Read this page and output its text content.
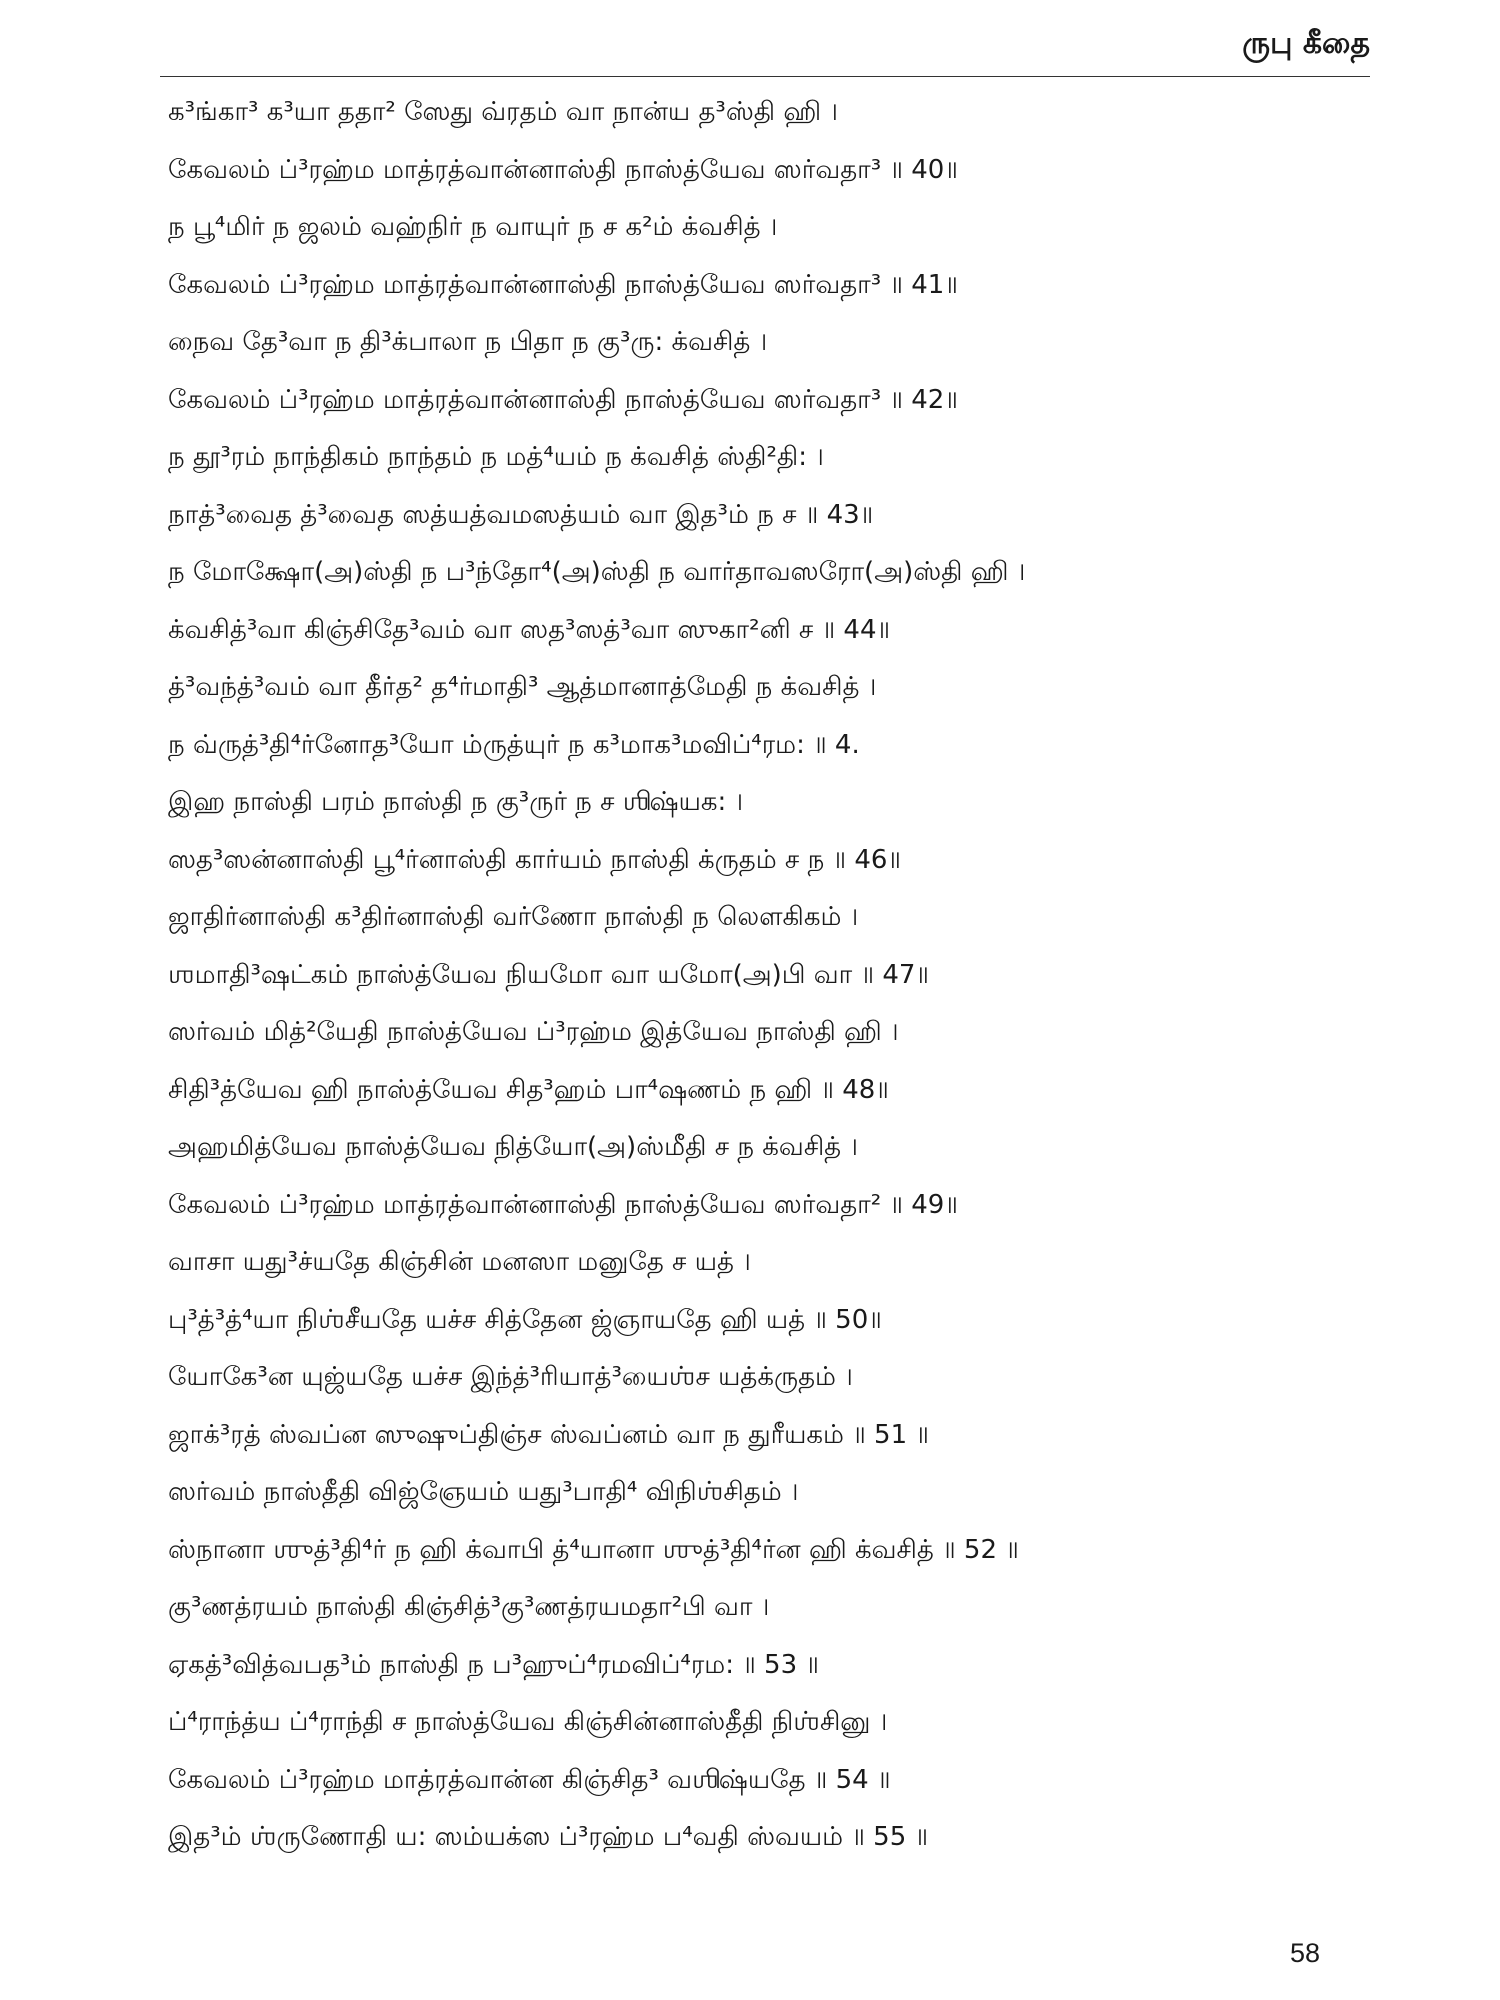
ருபு கீதை
க³ங்கா³ க³யா ததா² ஸேது வ்ரதம் வா நான்ய த³ஸ்தி ஹி ।
கேவலம் ப்³ரஹ்ம மாத்ரத்வான்னாஸ்தி நாஸ்த்யேவ ஸர்வதா³ ॥ 40॥
ந பூ⁴மிர் ந ஜலம் வஹ்நிர் ந வாயுர் ந ச க²ம் க்வசித் ।
கேவலம் ப்³ரஹ்ம மாத்ரத்வான்னாஸ்தி நாஸ்த்யேவ ஸர்வதா³ ॥ 41॥
நைவ தே³வா ந தி³க்பாலா ந பிதா ந கு³ரு: க்வசித் ।
கேவலம் ப்³ரஹ்ம மாத்ரத்வான்னாஸ்தி நாஸ்த்யேவ ஸர்வதா³ ॥ 42॥
ந தூ³ரம் நாந்திகம் நாந்தம் ந மத்⁴யம் ந க்வசித் ஸ்தி²தி: ।
நாத்³வைத த்³வைத ஸத்யத்வமஸத்யம் வா இத³ம் ந ச ॥ 43॥
ந மோக்ஷோ(அ)ஸ்தி ந ப³ந்தோ⁴(அ)ஸ்தி ந வார்தாவஸரோ(அ)ஸ்தி ஹி ।
க்வசித்³வா கிஞ்சிதே³வம் வா ஸத³ஸத்³வா ஸுகா²னி ச ॥ 44॥
த்³வந்த்³வம் வா தீர்த² த⁴ர்மாதி³ ஆத்மானாத்மேதி ந க்வசித் ।
ந வ்ருத்³தி⁴ர்னோத³யோ ம்ருத்யுர் ந க³மாக³மவிப்⁴ரம: ॥ 4.
இஹ நாஸ்தி பரம் நாஸ்தி ந கு³ருர் ந ச ஶிஷ்யக: ।
ஸத³ஸன்னாஸ்தி பூ⁴ர்னாஸ்தி கார்யம் நாஸ்தி க்ருதம் ச ந ॥ 46॥
ஜாதிர்னாஸ்தி க³திர்னாஸ்தி வர்ணோ நாஸ்தி ந லௌகிகம் ।
ஶமாதி³ஷட்கம் நாஸ்த்யேவ நியமோ வா யமோ(அ)பி வா ॥ 47॥
ஸர்வம் மித்²யேதி நாஸ்த்யேவ ப்³ரஹ்ம இத்யேவ நாஸ்தி ஹி ।
சிதி³த்யேவ ஹி நாஸ்த்யேவ சித³ஹம் பா⁴ஷணம் ந ஹி ॥ 48॥
அஹமித்யேவ நாஸ்த்யேவ நித்யோ(அ)ஸ்மீதி ச ந க்வசித் ।
கேவலம் ப்³ரஹ்ம மாத்ரத்வான்னாஸ்தி நாஸ்த்யேவ ஸர்வதா² ॥ 49॥
வாசா யது³ச்யதே கிஞ்சின் மனஸா மனுதே ச யத் ।
பு³த்³த்⁴யா நிஶ்சீயதே யச்ச சித்தேன ஜ்ஞாயதே ஹி யத் ॥ 50॥
யோகே³ன யுஜ்யதே யச்ச இந்த்³ரியாத்³யைஶ்ச யத்க்ருதம் ।
ஜாக்³ரத் ஸ்வப்ன ஸுஷுப்திஞ்ச ஸ்வப்னம் வா ந துரீயகம் ॥ 51 ॥
ஸர்வம் நாஸ்தீதி விஜ்ஞேயம் யது³பாதி⁴ விநிஶ்சிதம் ।
ஸ்நானா ஶுத்³தி⁴ர் ந ஹி க்வாபி த்⁴யானா ஶுத்³தி⁴ர்ன ஹி க்வசித் ॥ 52 ॥
கு³ணத்ரயம் நாஸ்தி கிஞ்சித்³கு³ணத்ரயமதா²பி வா ।
ஏகத்³வித்வபத³ம் நாஸ்தி ந ப³ஹுப்⁴ரமவிப்⁴ரம: ॥ 53 ॥
ப்⁴ராந்த்ய ப்⁴ராந்தி ச நாஸ்த்யேவ கிஞ்சின்னாஸ்தீதி நிஶ்சினு ।
கேவலம் ப்³ரஹ்ம மாத்ரத்வான்ன கிஞ்சித³ வஶிஷ்யதே ॥ 54 ॥
இத³ம் ஶ்ருணோதி ய: ஸம்யக்ஸ ப்³ரஹ்ம ப⁴வதி ஸ்வயம் ॥ 55 ॥
58
